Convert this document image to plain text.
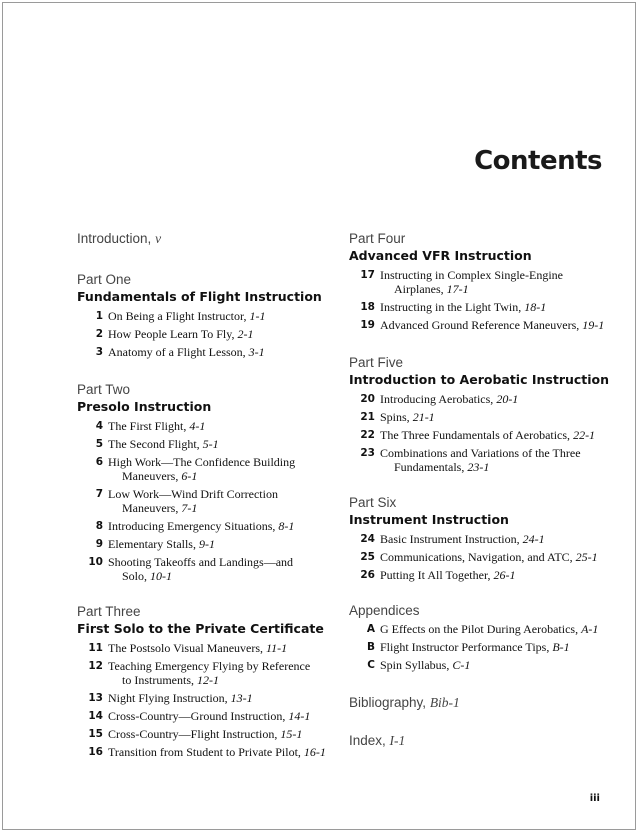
Contents
Introduction, v
Part One
Fundamentals of Flight Instruction
1 On Being a Flight Instructor, 1-1
2 How People Learn To Fly, 2-1
3 Anatomy of a Flight Lesson, 3-1
Part Two
Presolo Instruction
4 The First Flight, 4-1
5 The Second Flight, 5-1
6 High Work—The Confidence Building
Maneuvers, 6-1
7 Low Work—Wind Drift Correction
Maneuvers, 7-1
8 Introducing Emergency Situations, 8-1
9 Elementary Stalls, 9-1
10 Shooting Takeoffs and Landings—and
Solo, 10-1
Part Three
First Solo to the Private Certificate
11 The Postsolo Visual Maneuvers, 11-1
12 Teaching Emergency Flying by Reference
to Instruments, 12-1
13 Night Flying Instruction, 13-1
14 Cross-Country—Ground Instruction, 14-1
15 Cross-Country—Flight Instruction, 15-1
16 Transition from Student to Private Pilot, 16-1
Part Four
Advanced VFR Instruction
17 Instructing in Complex Single-Engine
Airplanes, 17-1
18 Instructing in the Light Twin, 18-1
19 Advanced Ground Reference Maneuvers, 19-1
Part Five
Introduction to Aerobatic Instruction
20 Introducing Aerobatics, 20-1
21 Spins, 21-1
22 The Three Fundamentals of Aerobatics, 22-1
23 Combinations and Variations of the Three
Fundamentals, 23-1
Part Six
Instrument Instruction
24 Basic Instrument Instruction, 24-1
25 Communications, Navigation, and ATC, 25-1
26 Putting It All Together, 26-1
Appendices
A G Effects on the Pilot During Aerobatics, A-1
B Flight Instructor Performance Tips, B-1
C Spin Syllabus, C-1
Bibliography, Bib-1
Index, I-1
iii
